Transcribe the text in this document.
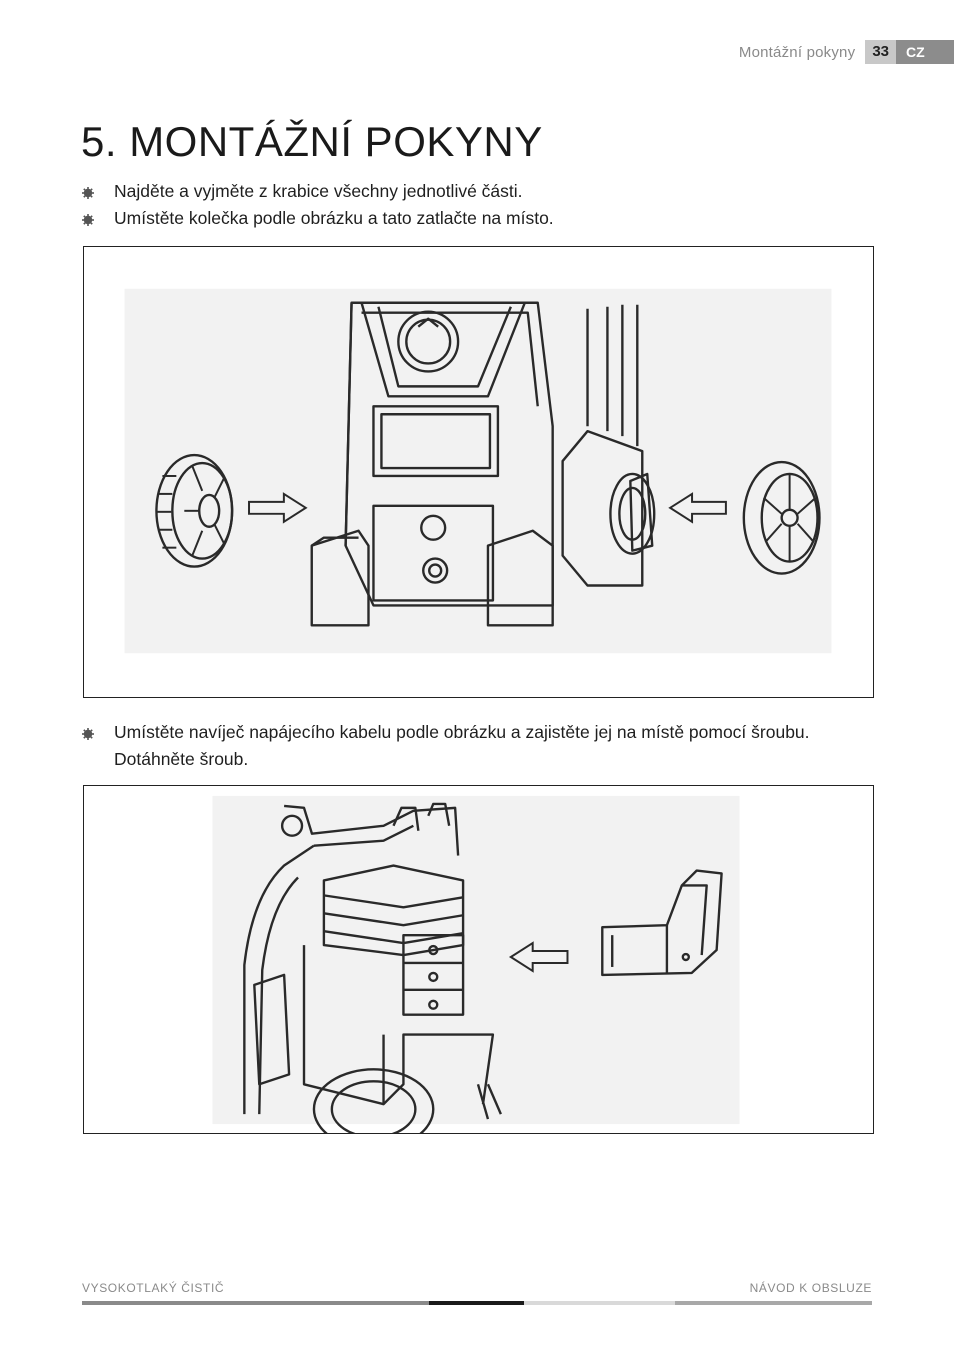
Montážní pokyny	33	CZ
5. MONTÁŽNÍ POKYNY
Najděte a vyjměte z krabice všechny jednotlivé části.
Umístěte kolečka podle obrázku a tato zatlačte na místo.
Umístěte navíječ napájecího kabelu podle obrázku a zajistěte jej na místě pomocí šroubu. Dotáhněte šroub.
VYSOKOTLAKÝ ČISTIČ	NÁVOD K OBSLUZE
